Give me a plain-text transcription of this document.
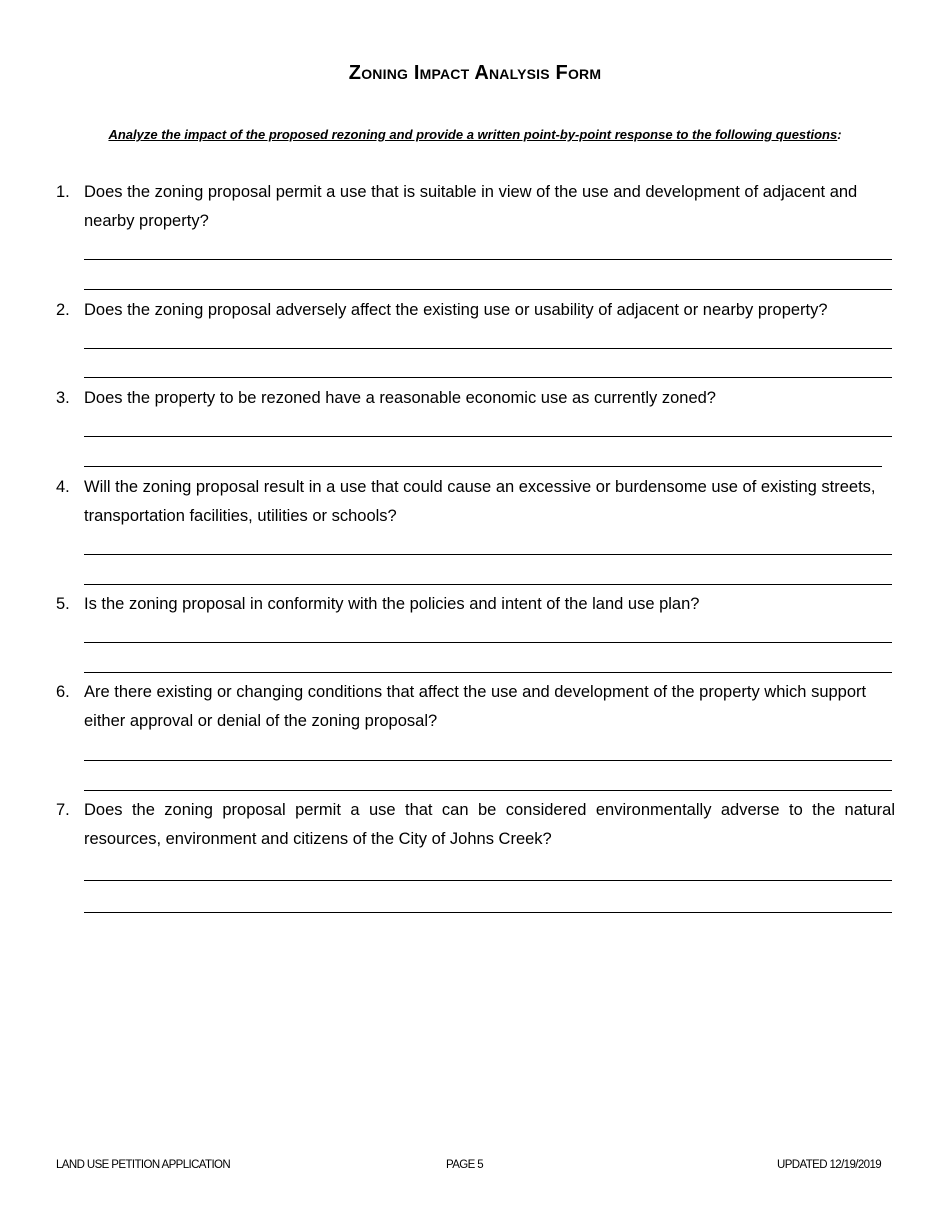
Zoning Impact Analysis Form
Analyze the impact of the proposed rezoning and provide a written point-by-point response to the following questions:
1. Does the zoning proposal permit a use that is suitable in view of the use and development of adjacent and nearby property?
2. Does the zoning proposal adversely affect the existing use or usability of adjacent or nearby property?
3. Does the property to be rezoned have a reasonable economic use as currently zoned?
4. Will the zoning proposal result in a use that could cause an excessive or burdensome use of existing streets, transportation facilities, utilities or schools?
5. Is the zoning proposal in conformity with the policies and intent of the land use plan?
6. Are there existing or changing conditions that affect the use and development of the property which support either approval or denial of the zoning proposal?
7. Does the zoning proposal permit a use that can be considered environmentally adverse to the natural resources, environment and citizens of the City of Johns Creek?
LAND USE PETITION APPLICATION	PAGE 5	UPDATED 12/19/2019
